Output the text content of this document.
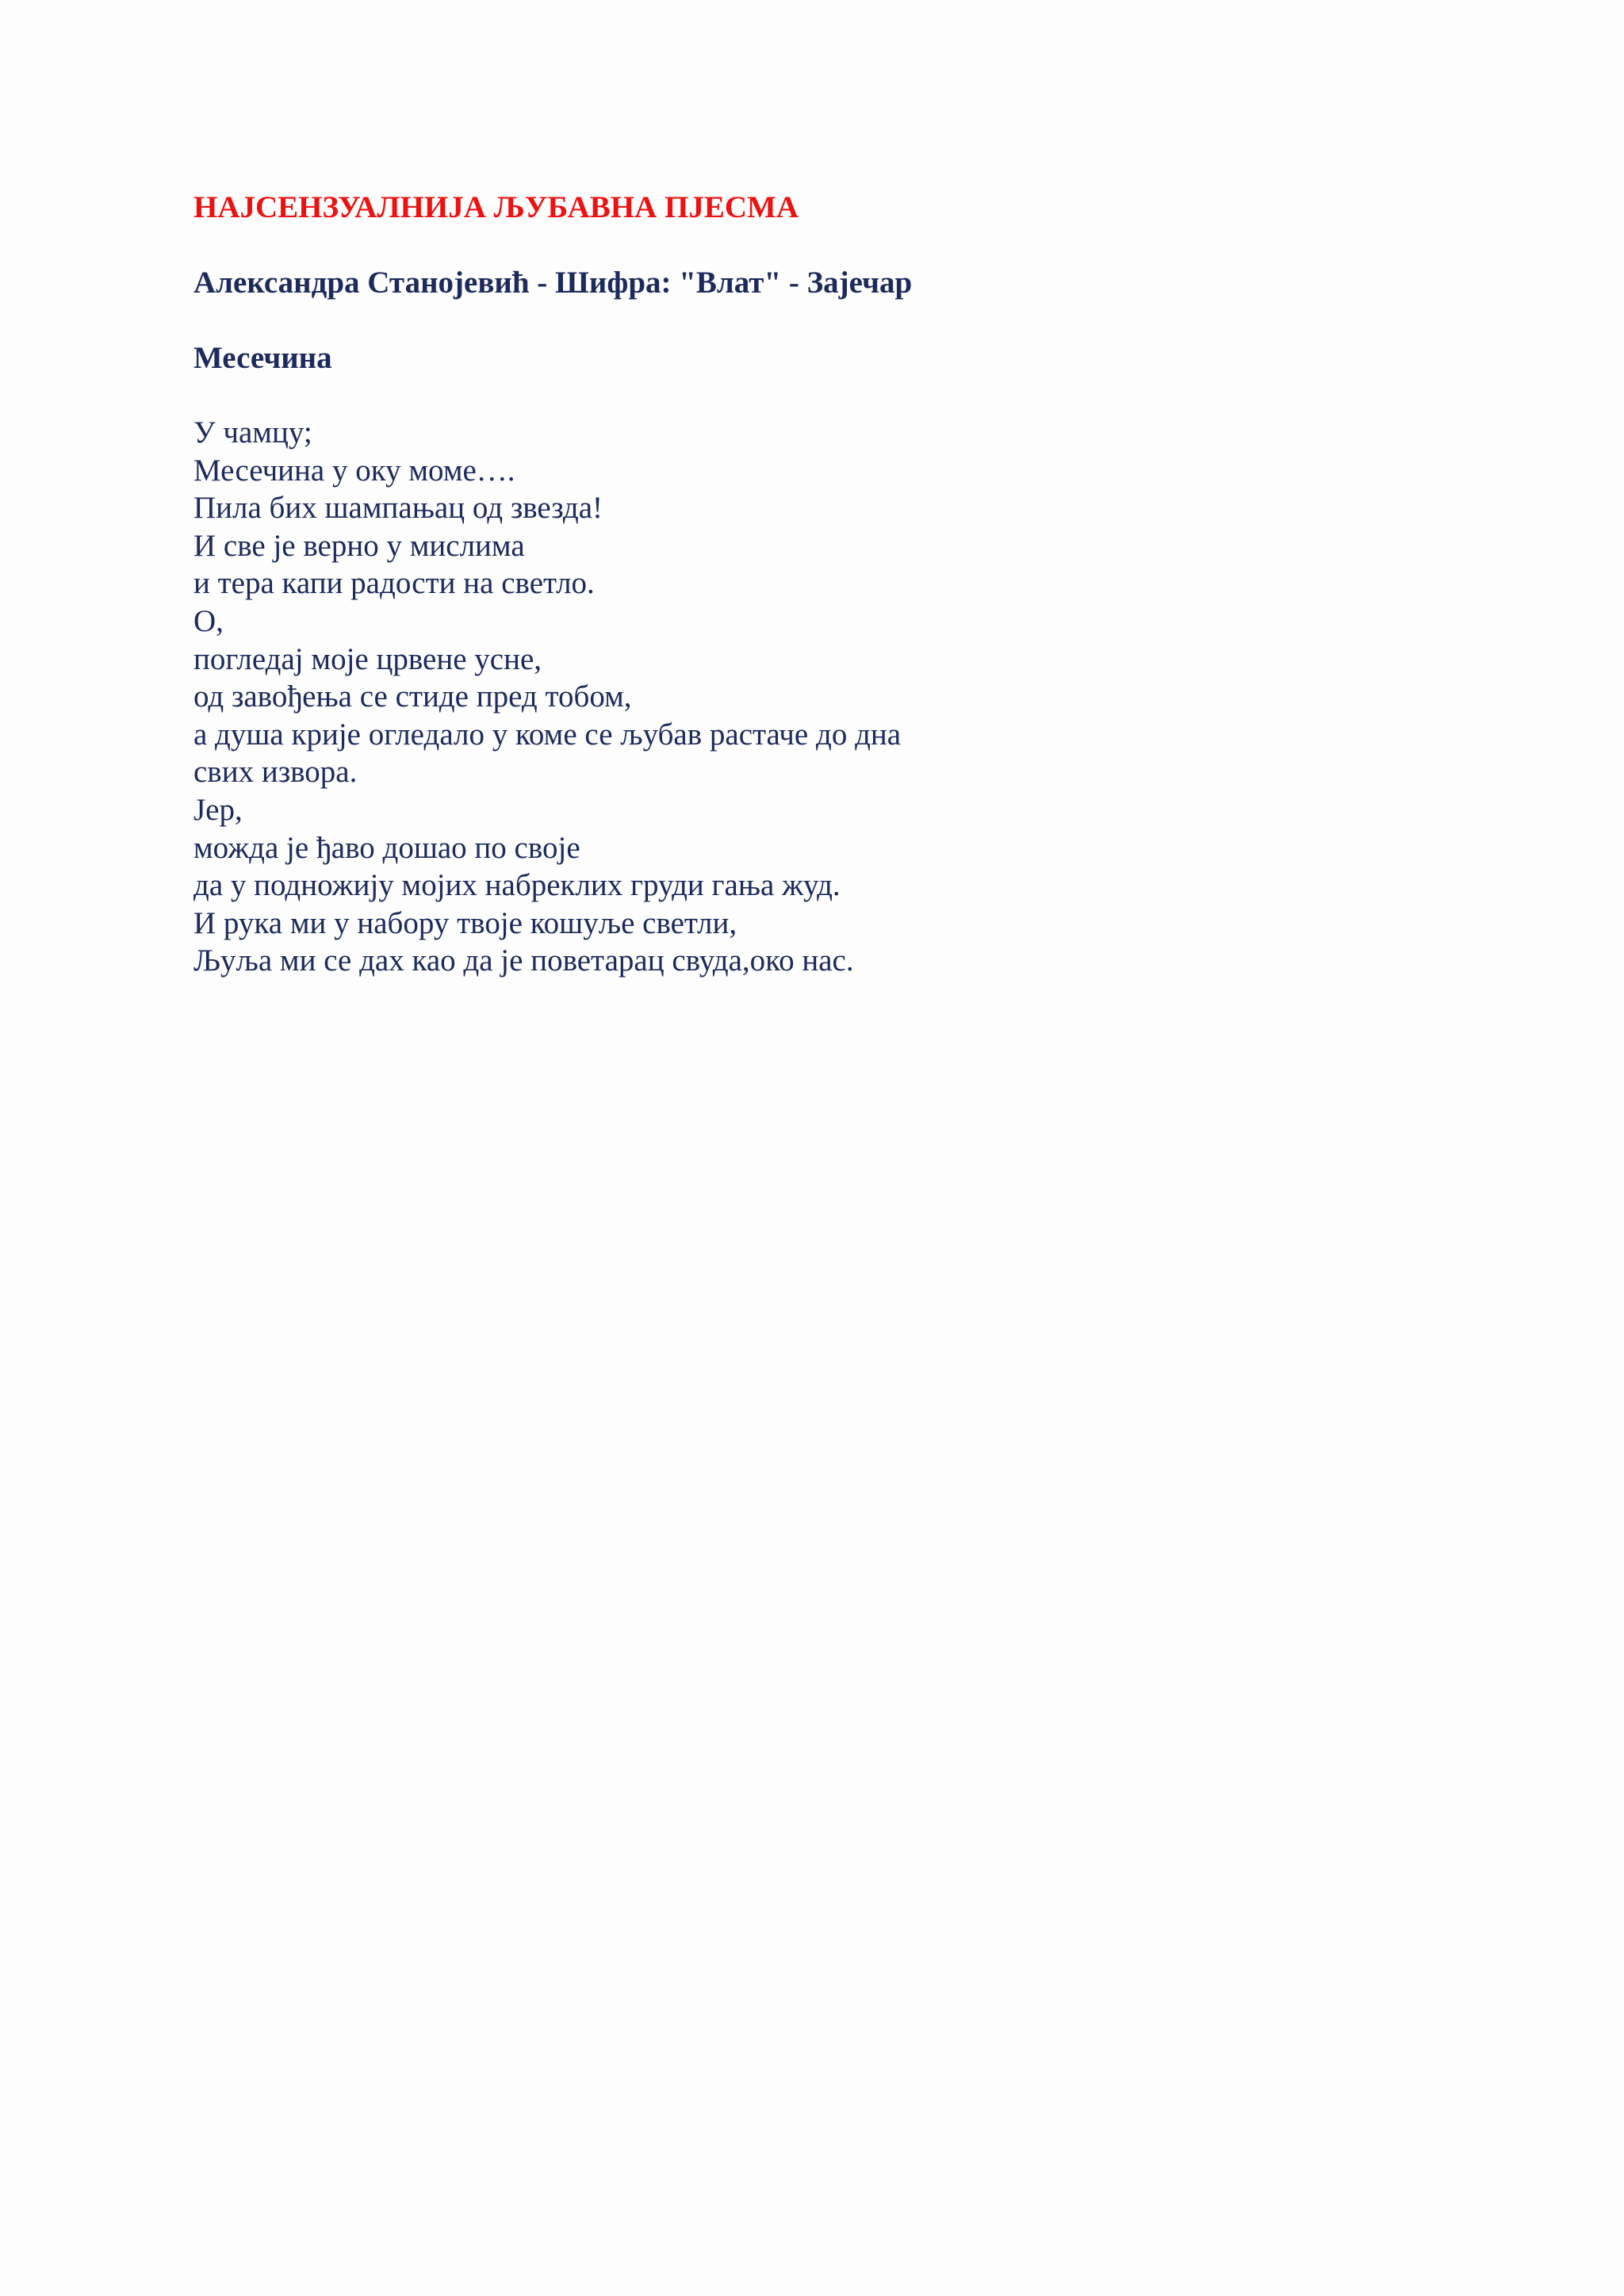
НАЈСЕНЗУАЛНИЈА ЉУБАВНА ПЈЕСМА
Александра Станојевић - Шифра: "Влат" - Зајечар
Месечина
У чамцу;
Месечина у оку моме….
Пила бих шампањац од звезда!
И све је верно у мислима
и тера капи радости на светло.
О,
погледај моје црвене усне,
од завођења се стиде пред тобом,
а душа крије огледало у коме се љубав растаче до дна
свих извора.
Јер,
можда је ђаво дошао по своје
да у подножију мојих набреклих груди гања жуд.
И рука ми у набору твоје кошуље светли,
Љуља ми се дах као да је поветарац свуда,око нас.
